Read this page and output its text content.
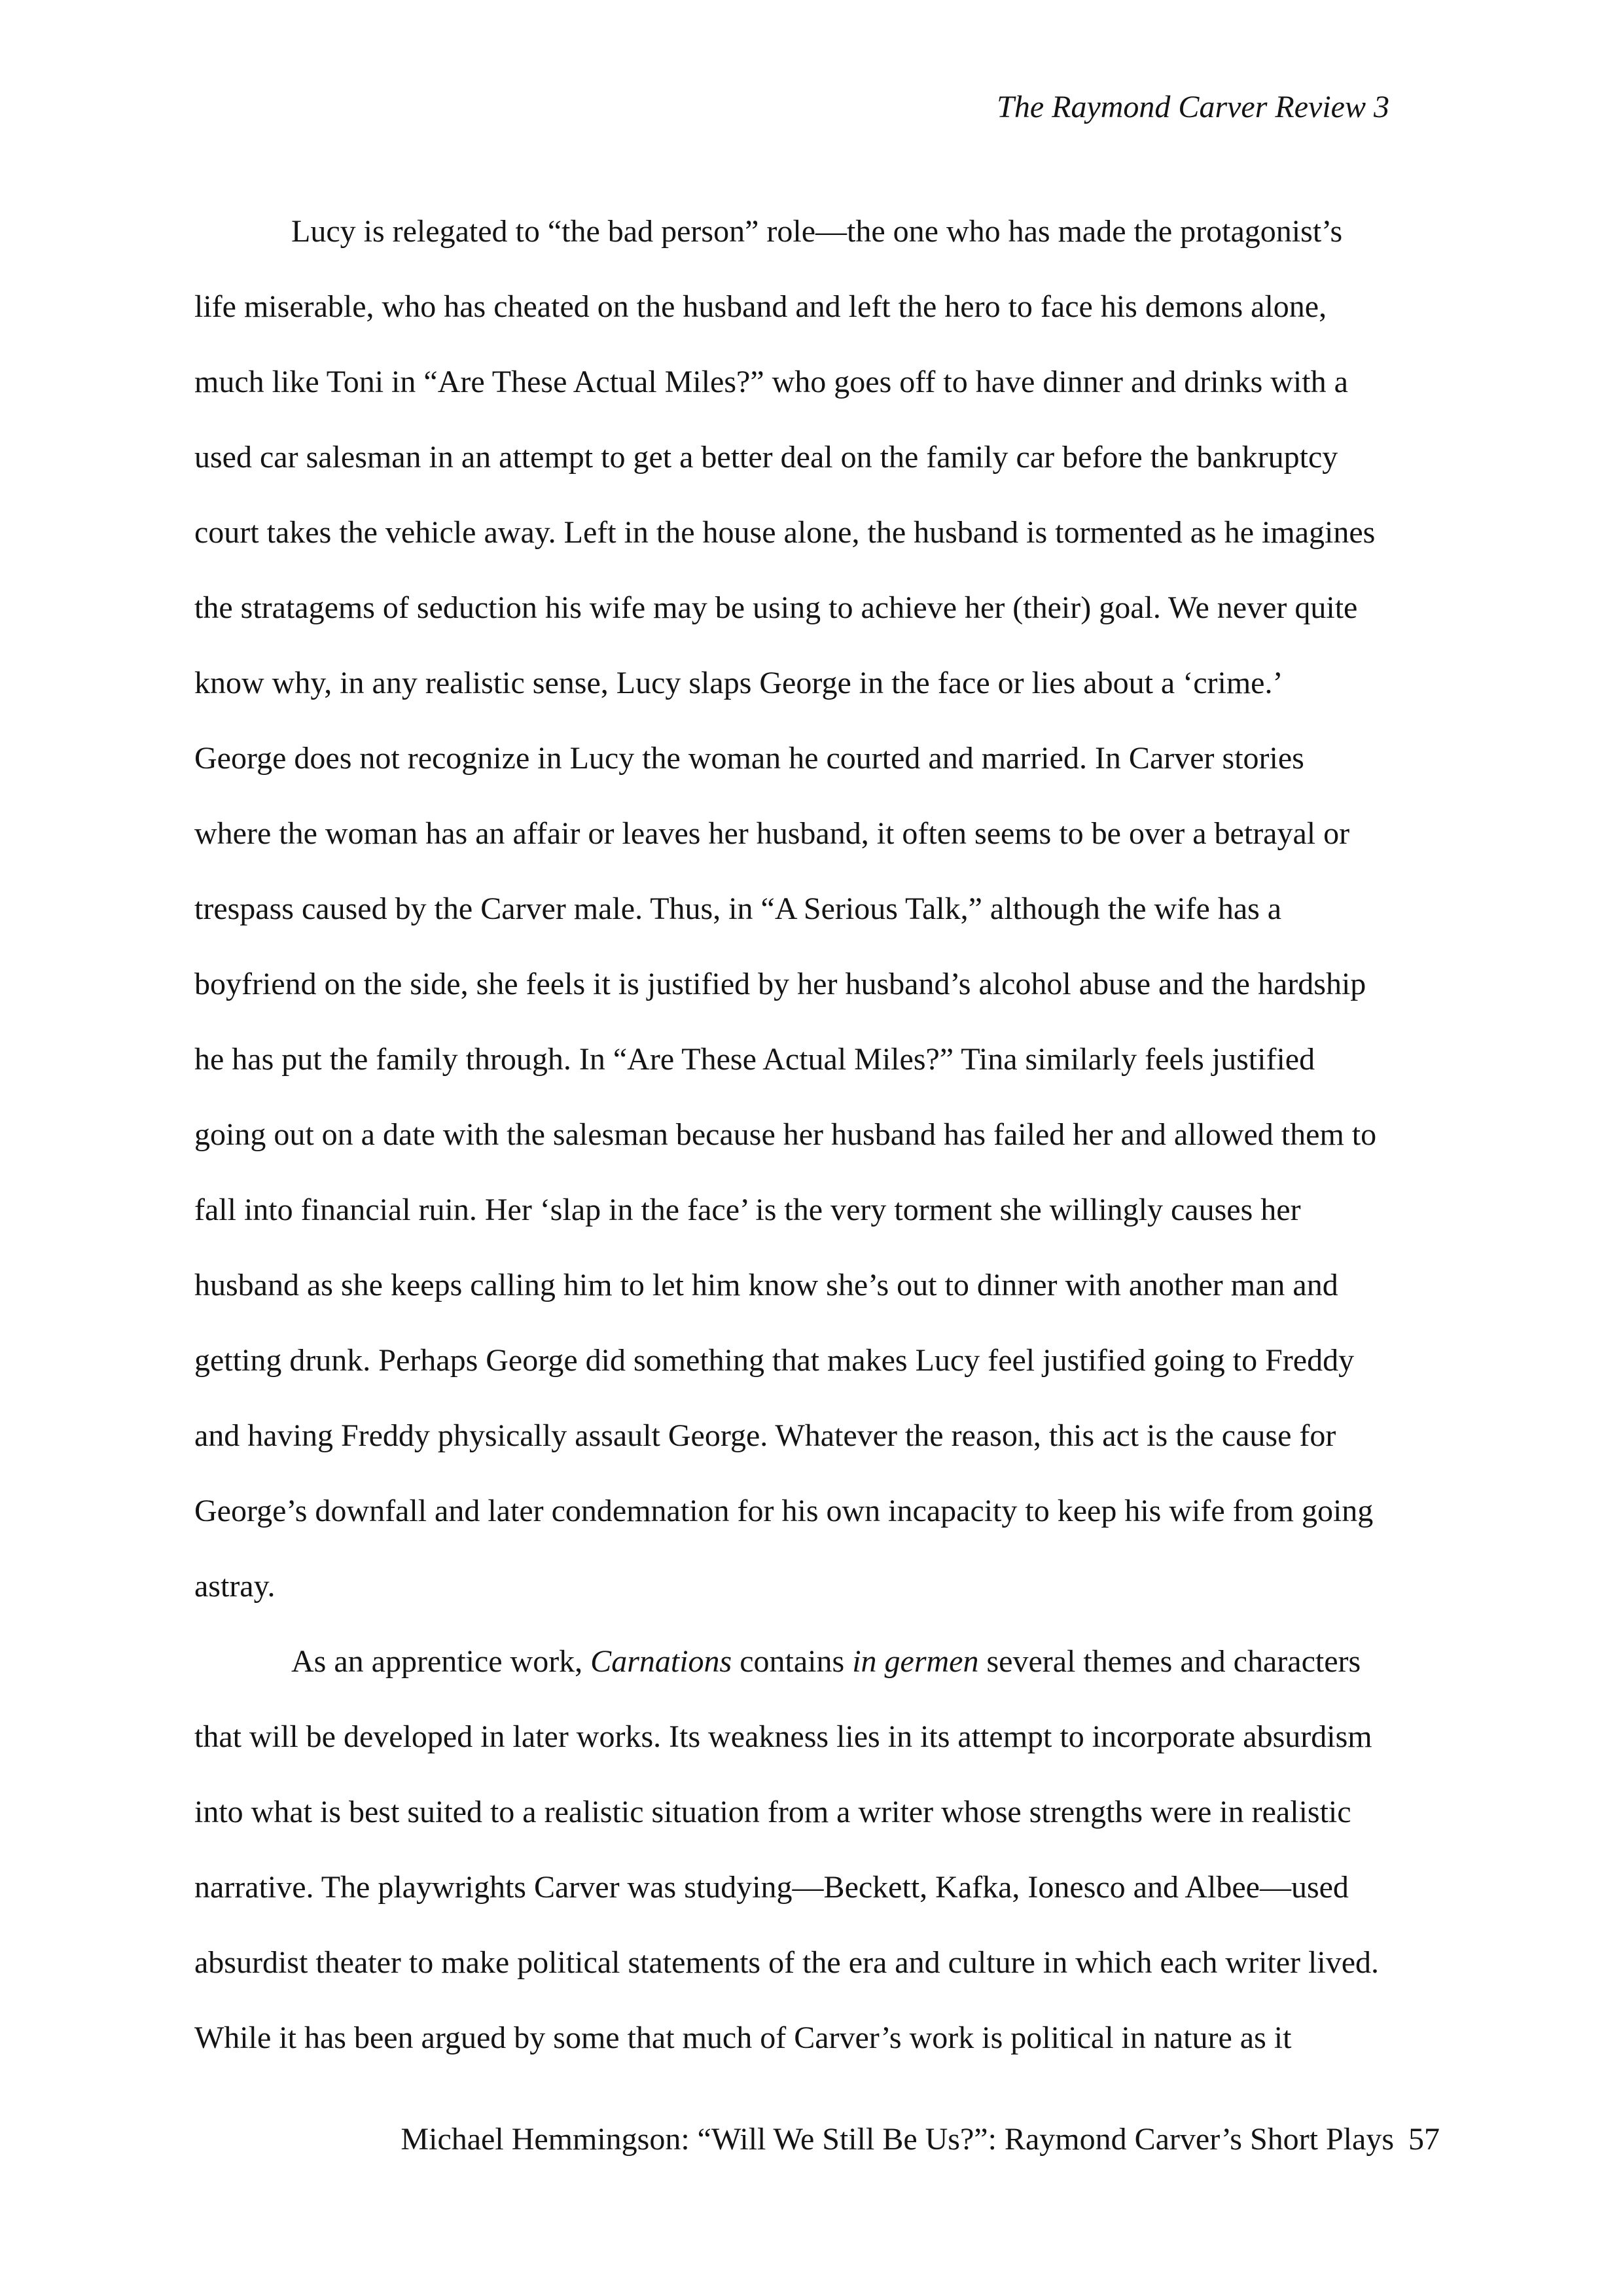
The Raymond Carver Review 3
Lucy is relegated to “the bad person” role—the one who has made the protagonist’s
life miserable, who has cheated on the husband and left the hero to face his demons alone,
much like Toni in “Are These Actual Miles?” who goes off to have dinner and drinks with a
used car salesman in an attempt to get a better deal on the family car before the bankruptcy
court takes the vehicle away. Left in the house alone, the husband is tormented as he imagines
the stratagems of seduction his wife may be using to achieve her (their) goal. We never quite
know why, in any realistic sense, Lucy slaps George in the face or lies about a ‘crime.’
George does not recognize in Lucy the woman he courted and married. In Carver stories
where the woman has an affair or leaves her husband, it often seems to be over a betrayal or
trespass caused by the Carver male. Thus, in “A Serious Talk,” although the wife has a
boyfriend on the side, she feels it is justified by her husband’s alcohol abuse and the hardship
he has put the family through. In “Are These Actual Miles?” Tina similarly feels justified
going out on a date with the salesman because her husband has failed her and allowed them to
fall into financial ruin. Her ‘slap in the face’ is the very torment she willingly causes her
husband as she keeps calling him to let him know she’s out to dinner with another man and
getting drunk. Perhaps George did something that makes Lucy feel justified going to Freddy
and having Freddy physically assault George. Whatever the reason, this act is the cause for
George’s downfall and later condemnation for his own incapacity to keep his wife from going
astray.
As an apprentice work, Carnations contains in germen several themes and characters
that will be developed in later works. Its weakness lies in its attempt to incorporate absurdism
into what is best suited to a realistic situation from a writer whose strengths were in realistic
narrative. The playwrights Carver was studying—Beckett, Kafka, Ionesco and Albee—used
absurdist theater to make political statements of the era and culture in which each writer lived.
While it has been argued by some that much of Carver’s work is political in nature as it
Michael Hemmingson: “Will We Still Be Us?”: Raymond Carver’s Short Plays 57
